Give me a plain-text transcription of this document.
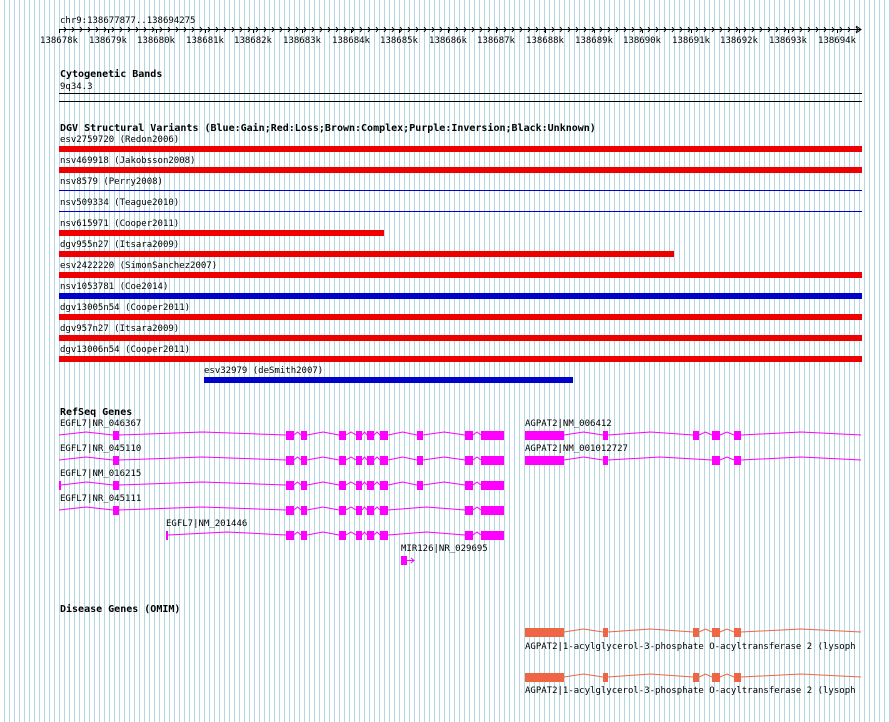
chr9:138677877..138694275
138678k	138679k	138680k	138681k	138682k	138683k	138684k	138685k	138686k	138687k	138688k	138689k	138690k	138691k	138692k	138693k	138694k
Cytogenetic Bands
9q34.3
DGV Structural Variants (Blue:Gain;Red:Loss;Brown:Complex;Purple:Inversion;Black:Unknown)
esv2759720 (Redon2006)
nsv469918 (Jakobsson2008)
nsv8579 (Perry2008)
nsv509334 (Teague2010)
nsv615971 (Cooper2011)
dgv955n27 (Itsara2009)
esv2422220 (SimonSanchez2007)
nsv1053781 (Coe2014)
dgv13005n54 (Cooper2011)
dgv957n27 (Itsara2009)
dgv13006n54 (Cooper2011)
esv32979 (deSmith2007)
RefSeq Genes
EGFL7|NR_046367
EGFL7|NR_045110
EGFL7|NM_016215
EGFL7|NR_045111
EGFL7|NM_201446
MIR126|NR_029695
AGPAT2|NM_006412
AGPAT2|NM_001012727
Disease Genes (OMIM)
AGPAT2|1-acylglycerol-3-phosphate O-acyltransferase 2 (lysoph
AGPAT2|1-acylglycerol-3-phosphate O-acyltransferase 2 (lysoph
